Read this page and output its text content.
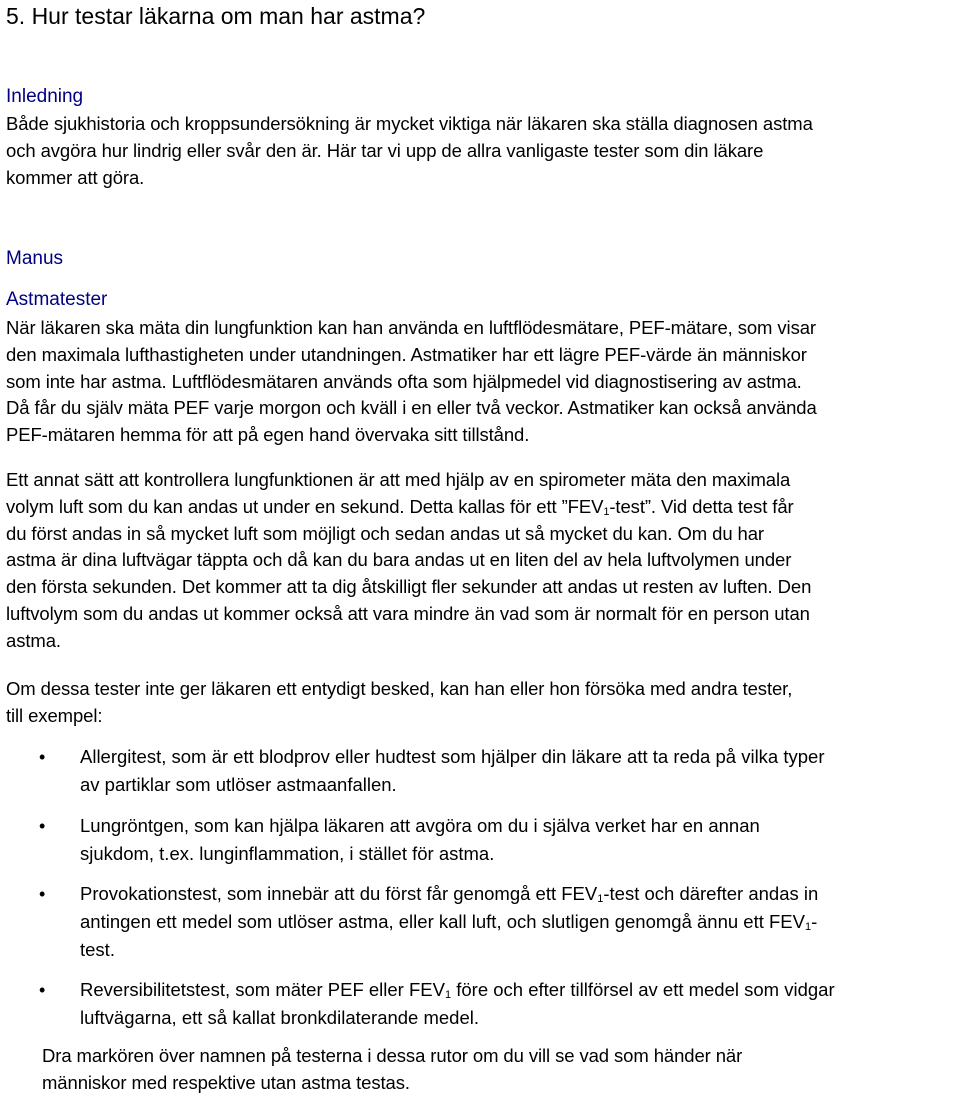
5. Hur testar läkarna om man har astma?
Inledning

Både sjukhistoria och kroppsundersökning är mycket viktiga när läkaren ska ställa diagnosen astma
och avgöra hur lindrig eller svår den är. Här tar vi upp de allra vanligaste tester som din läkare
kommer att göra.

Manus
Astmatester

När läkaren ska mäta din lungfunktion kan han använda en luftflödesmätare, PEF-mätare, som visar
den maximala lufthastigheten under utandningen. Astmatiker har ett lägre PEF-värde än människor
som inte har astma. Luftflödesmätaren används ofta som hjälpmedel vid diagnostisering av astma.
Då får du själv mäta PEF varje morgon och kväll i en eller två veckor. Astmatiker kan också använda
PEF-mätaren hemma för att på egen hand övervaka sitt tillstånd.

Ett annat sätt att kontrollera lungfunktionen är att med hjälp av en spirometer mäta den maximala
volym luft som du kan andas ut under en sekund. Detta kallas för ett $”FEV_1$-test”. Vid detta test får
du först andas in så mycket luft som möjligt och sedan andas ut så mycket du kan. Om du har
astma är dina luftvägar täppta och då kan du bara andas ut en liten del av hela luftvolymen under
den första sekunden. Det kommer att ta dig åtskilligt fler sekunder att andas ut resten av luften. Den
luftvolym som du andas ut kommer också att vara mindre än vad som är normalt för en person utan
astma.

Om dessa tester inte ger läkaren ett entydigt besked, kan han eller hon försöka med andra tester,
till exempel:

• Allergitest, som är ett blodprov eller hudtest som hjälper din läkare att ta reda på vilka typer
av partiklar som utlöser astmaanfallen.
• Lungröntgen, som kan hjälpa läkaren att avgöra om du i själva verket har en annan
sjukdom, t.ex. lunginflammation, i stället för astma.
• Provokationstest, som innebär att du först får genomgå ett $FEV_1$-test och därefter andas in
antingen ett medel som utlöser astma, eller kall luft, och slutligen genomgå ännu ett $FEV_1-$
test.
• Reversibilitetstest, som mäter PEF eller $FEV_1$ före och efter tillförsel av ett medel som vidgar
luftvägarna, ett så kallat bronkdilaterande medel.

Dra markören över namnen på testerna i dessa rutor om du vill se vad som händer när
människor med respektive utan astma testas.
